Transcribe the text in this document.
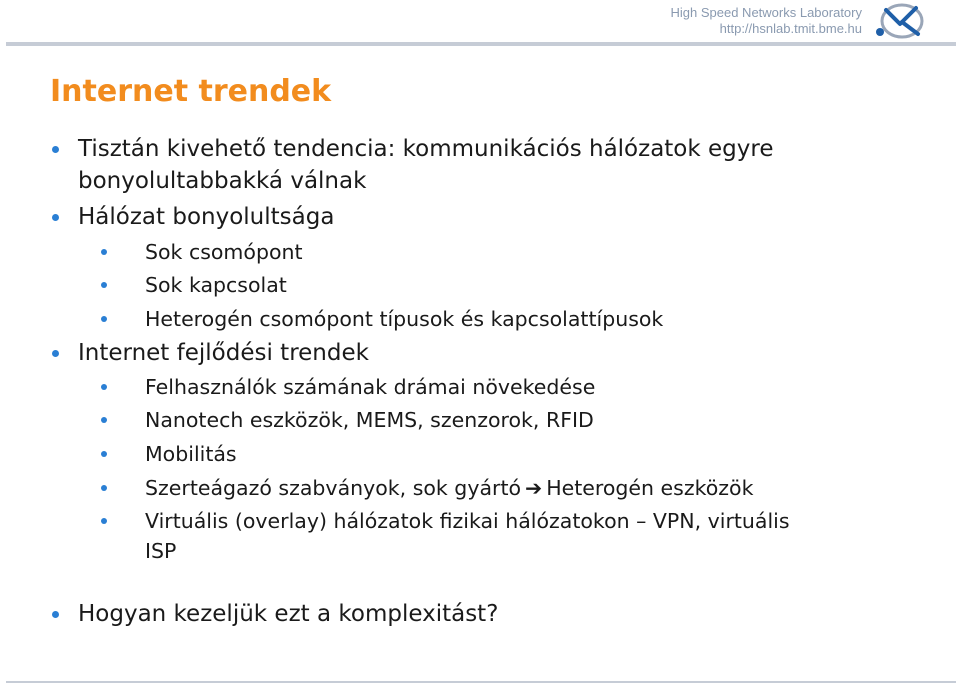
High Speed Networks Laboratory
http://hsnlab.tmit.bme.hu
Internet trendek
Tisztán kivehető tendencia: kommunikációs hálózatok egyre
bonyolultabbakká válnak
Hálózat bonyolultsága
Sok csomópont
Sok kapcsolat
Heterogén csomópont típusok és kapcsolattípusok
Internet fejlődési trendek
Felhasználók számának drámai növekedése
Nanotech eszközök, MEMS, szenzorok, RFID
Mobilitás
Szerteágazó szabványok, sok gyártó ➔ Heterogén eszközök
Virtuális (overlay) hálózatok fizikai hálózatokon – VPN, virtuális
ISP
Hogyan kezeljük ezt a komplexitást?
